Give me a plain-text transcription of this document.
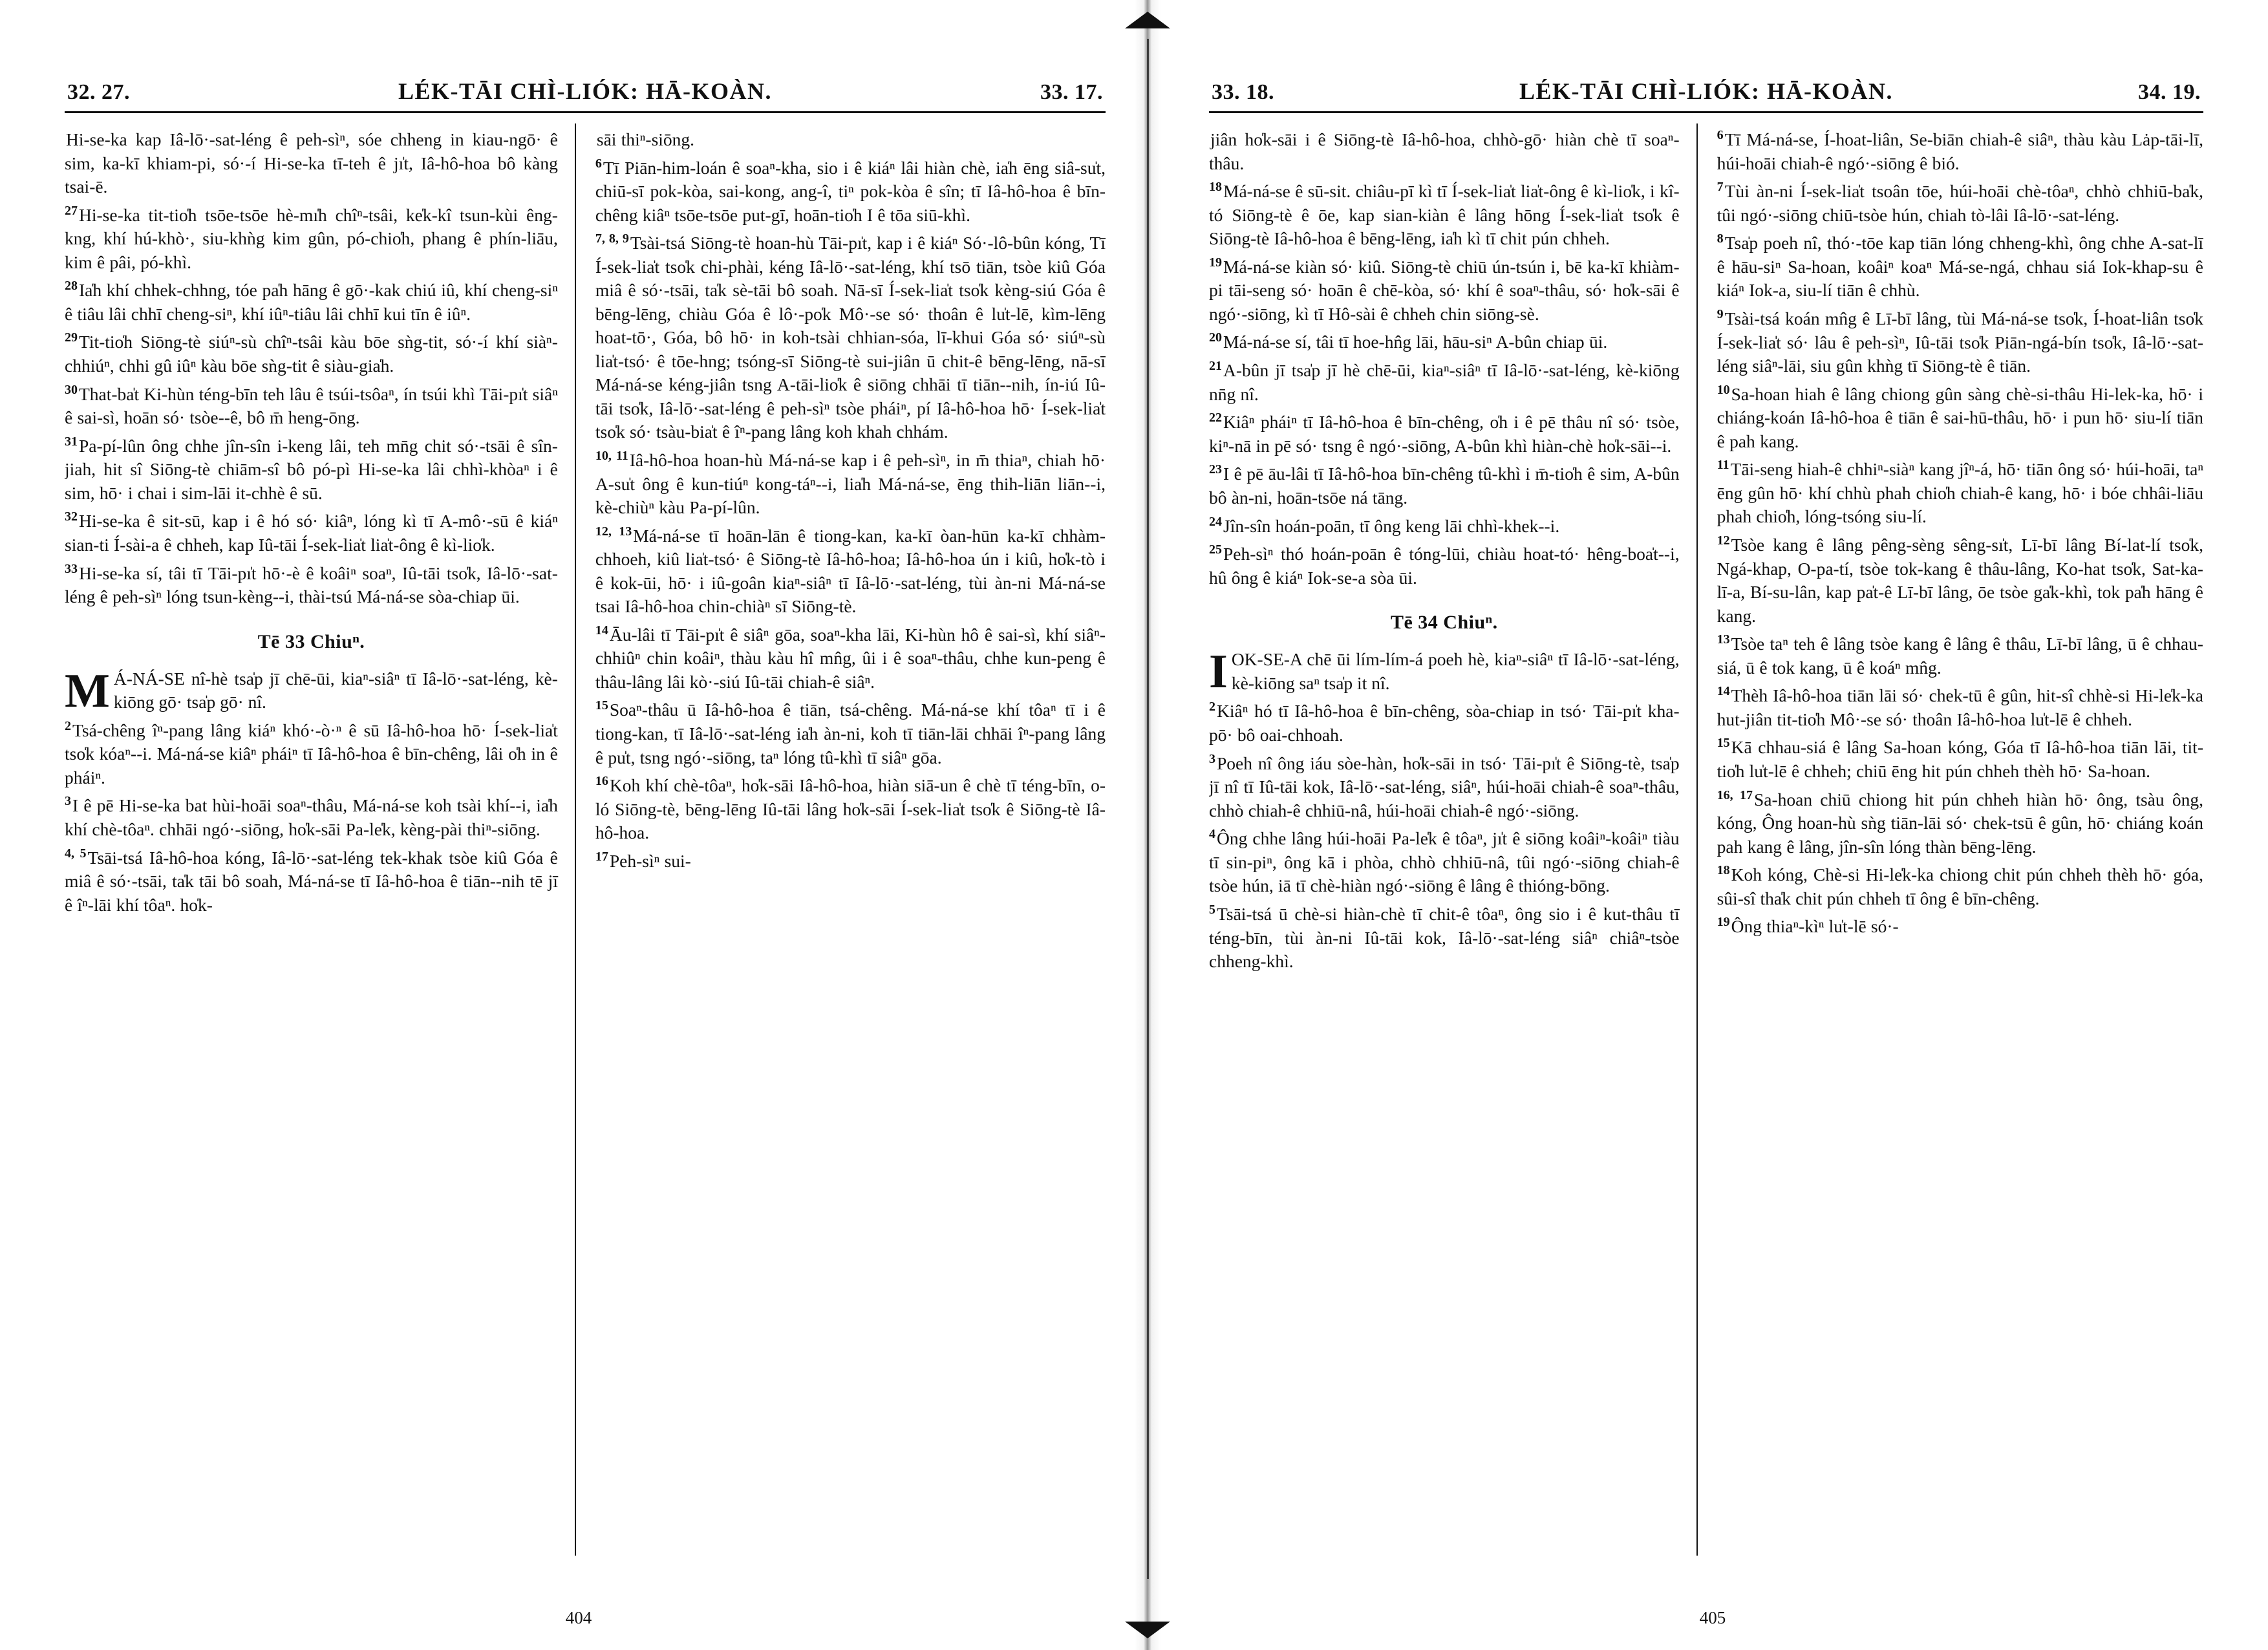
32. 27.	LÉK-TĀI CHÌ-LIÓK: HĀ-KOÀN.	33. 17.

Hi-se-ka kap Iâ-lō·-sat-léng ê peh-sìⁿ, sóe chheng in kiau-ngō· ê sim, ka-kī khiam-pi, só·-í Hi-se-ka tī-teh ê jı̍t, Iâ-hô-hoa bô kàng tsai-ē.

$^{27}$Hi-se-ka tit-tio̍h tsōe-tsōe hè-mı̍h chîⁿ-tsâi, ke̍k-kî tsun-kùi êng-kng, khí hú-khò·, siu-khǹg kim gûn, pó-chio̍h, phang ê phín-liāu, kim ê pâi, pó-khì.

$^{28}$Ia̍h khí chhek-chhng, tóe pa̍h hāng ê gō·-kak chiú iû, khí cheng-siⁿ ê tiâu lâi chhī cheng-siⁿ, khí iûⁿ-tiâu lâi chhī kui tīn ê iûⁿ.

$^{29}$Tit-tio̍h Siōng-tè siúⁿ-sù chîⁿ-tsâi kàu bōe sǹg-tit, só·-í khí siàⁿ-chhiúⁿ, chhi gû iûⁿ kàu bōe sǹg-tit ê siàu-gia̍h.

$^{30}$That-ba̍t Ki-hùn téng-bīn teh lâu ê tsúi-tsôaⁿ, ín tsúi khì Tāi-pı̍t siâⁿ ê sai-sì, hoān só· tsòe--ê, bô m̄ heng-ōng.

$^{31}$Pa-pí-lûn ông chhe jîn-sîn i-keng lâi, teh mn̄g chit só·-tsāi ê sîn-jiah, hit sî Siōng-tè chiām-sî bô pó-pì Hi-se-ka lâi chhì-khòaⁿ i ê sim, hō· i chai i sim-lāi it-chhè ê sū.

$^{32}$Hi-se-ka ê sit-sū, kap i ê hó só· kiâⁿ, lóng kì tī A-mô·-sū ê kiáⁿ sian-ti Í-sài-a ê chheh, kap Iû-tāi Í-sek-lia̍t lia̍t-ông ê kì-lio̍k.

$^{33}$Hi-se-ka sí, tâi tī Tāi-pı̍t hō·-è ê koâiⁿ soaⁿ, Iû-tāi tso̍k, Iâ-lō·-sat-léng ê peh-sìⁿ lóng tsun-kèng--i, thài-tsú Má-ná-se sòa-chiap ūi.

Tē 33 Chiuⁿ.

M Á-NÁ-SE nî-hè tsa̍p jī chē-ūi, kiaⁿ-siâⁿ tī Iâ-lō·-sat-léng, kè-kiōng gō· tsa̍p gō· nî.

$^2$Tsá-chêng îⁿ-pang lâng kiáⁿ khó·-ò·ⁿ ê sū Iâ-hô-hoa hō· Í-sek-lia̍t tso̍k kóaⁿ--i. Má-ná-se kiâⁿ pháiⁿ tī Iâ-hô-hoa ê bīn-chêng, lâi o̍h in ê pháiⁿ.

$^3$I ê pē Hi-se-ka bat hùi-hoāi soaⁿ-thâu, Má-ná-se koh tsài khí--i, ia̍h khí chè-tôaⁿ. chhāi ngó·-siōng, ho̍k-sāi Pa-le̍k, kèng-pài thiⁿ-siōng.

$^{4, 5}$Tsāi-tsá Iâ-hô-hoa kóng, Iâ-lō·-sat-léng tek-khak tsòe kiû Góa ê miâ ê só·-tsāi, ta̍k tāi bô soah, Má-ná-se tī Iâ-hô-hoa ê tiān--nih tē jī ê îⁿ-lāi khí tôaⁿ. ho̍k-

sāi thiⁿ-siōng.

$^6$Tī Piān-him-loán ê soaⁿ-kha, sio i ê kiáⁿ lâi hiàn chè, ia̍h ēng siâ-su̍t, chiū-sī pok-kòa, sai-kong, ang-î, tiⁿ pok-kòa ê sîn; tī Iâ-hô-hoa ê bīn-chêng kiâⁿ tsōe-tsōe put-gī, hoān-tio̍h I ê tōa siū-khì.

$^{7, 8, 9}$Tsài-tsá Siōng-tè hoan-hù Tāi-pı̍t, kap i ê kiáⁿ Só·-lô-bûn kóng, Tī Í-sek-lia̍t tso̍k chi-phài, kéng Iâ-lō·-sat-léng, khí tsō tiān, tsòe kiû Góa miâ ê só·-tsāi, ta̍k sè-tāi bô soah. Nā-sī Í-sek-lia̍t tso̍k kèng-siú Góa ê bēng-lēng, chiàu Góa ê lô·-po̍k Mô·-se só· thoân ê lu̍t-lē, kìm-lēng hoat-tō·, Góa, bô hō· in koh-tsài chhian-sóa, lī-khui Góa só· siúⁿ-sù lia̍t-tsó· ê tōe-hng; tsóng-sī Siōng-tè sui-jiân ū chit-ê bēng-lēng, nā-sī Má-ná-se kéng-jiân tsng A-tāi-lio̍k ê siōng chhāi tī tiān--nih, ín-iú Iû-tāi tso̍k, Iâ-lō·-sat-léng ê peh-sìⁿ tsòe pháiⁿ, pí Iâ-hô-hoa hō· Í-sek-lia̍t tso̍k só· tsàu-bia̍t ê îⁿ-pang lâng koh khah chhám.

$^{10, 11}$Iâ-hô-hoa hoan-hù Má-ná-se kap i ê peh-sìⁿ, in m̄ thiaⁿ, chiah hō· A-su̍t ông ê kun-tiúⁿ kong-táⁿ--i, lia̍h Má-ná-se, ēng thih-liān liān--i, kè-chiùⁿ kàu Pa-pí-lûn.

$^{12, 13}$Má-ná-se tī hoān-lān ê tiong-kan, ka-kī òan-hūn ka-kī chhàm-chhoeh, kiû lia̍t-tsó· ê Siōng-tè Iâ-hô-hoa; Iâ-hô-hoa ún i kiû, ho̍k-tò i ê kok-ūi, hō· i iû-goân kiaⁿ-siâⁿ tī Iâ-lō·-sat-léng, tùi àn-ni Má-ná-se tsai Iâ-hô-hoa chin-chiàⁿ sī Siōng-tè.

$^{14}$Āu-lâi tī Tāi-pı̍t ê siâⁿ gōa, soaⁿ-kha lāi, Ki-hùn hô ê sai-sì, khí siâⁿ-chhiûⁿ chin koâiⁿ, thàu kàu hî mn̂g, ûi i ê soaⁿ-thâu, chhe kun-peng ê thâu-lâng lâi kò·-siú Iû-tāi chiah-ê siâⁿ.

$^{15}$Soaⁿ-thâu ū Iâ-hô-hoa ê tiān, tsá-chêng. Má-ná-se khí tôaⁿ tī i ê tiong-kan, tī Iâ-lō·-sat-léng ia̍h àn-ni, koh tī tiān-lāi chhāi îⁿ-pang lâng ê pu̍t, tsng ngó·-siōng, taⁿ lóng tû-khì tī siâⁿ gōa.

$^{16}$Koh khí chè-tôaⁿ, ho̍k-sāi Iâ-hô-hoa, hiàn siā-un ê chè tī téng-bīn, o-ló Siōng-tè, bēng-lēng Iû-tāi lâng ho̍k-sāi Í-sek-lia̍t tso̍k ê Siōng-tè Iâ-hô-hoa.

$^{17}$Peh-sìⁿ sui-

404
33. 18.	LÉK-TĀI CHÌ-LIÓK: HĀ-KOÀN.	34. 19.

jiân ho̍k-sāi i ê Siōng-tè Iâ-hô-hoa, chhò-gō· hiàn chè tī soaⁿ-thâu.

$^{18}$Má-ná-se ê sū-sit. chiâu-pī kì tī Í-sek-lia̍t lia̍t-ông ê kì-lio̍k, i kî-tó Siōng-tè ê ōe, kap sian-kiàn ê lâng hōng Í-sek-lia̍t tso̍k ê Siōng-tè Iâ-hô-hoa ê bēng-lēng, ia̍h kì tī chit pún chheh.

$^{19}$Má-ná-se kiàn só· kiû. Siōng-tè chiū ún-tsún i, bē ka-kī khiàm-pi tāi-seng só· hoān ê chē-kòa, só· khí ê soaⁿ-thâu, só· ho̍k-sāi ê ngó·-siōng, kì tī Hô-sài ê chheh chin siōng-sè.

$^{20}$Má-ná-se sí, tâi tī hoe-hn̂g lāi, hāu-siⁿ A-bûn chiap ūi.

$^{21}$A-bûn jī tsa̍p jī hè chē-ūi, kiaⁿ-siâⁿ tī Iâ-lō·-sat-léng, kè-kiōng nn̄g nî.

$^{22}$Kiâⁿ pháiⁿ tī Iâ-hô-hoa ê bīn-chêng, o̍h i ê pē thâu nî só· tsòe, kiⁿ-nā in pē só· tsng ê ngó·-siōng, A-bûn khì hiàn-chè ho̍k-sāi--i.

$^{23}$I ê pē āu-lâi tī Iâ-hô-hoa bīn-chêng tû-khì i m̄-tio̍h ê sim, A-bûn bô àn-ni, hoān-tsōe ná tāng.

$^{24}$Jîn-sîn hoán-poān, tī ông keng lāi chhì-khek--i.

$^{25}$Peh-sìⁿ thó hoán-poān ê tóng-lūi, chiàu hoat-tó· hêng-boa̍t--i, hû ông ê kiáⁿ Iok-se-a sòa ūi.

Tē 34 Chiuⁿ.

IOK-SE-A chē ūi lím-lím-á poeh hè, kiaⁿ-siâⁿ tī Iâ-lō·-sat-léng, kè-kiōng saⁿ tsa̍p it nî.

$^2$Kiâⁿ hó tī Iâ-hô-hoa ê bīn-chêng, sòa-chiap in tsó· Tāi-pı̍t kha-pō· bô oai-chhoah.

$^3$Poeh nî ông iáu sòe-hàn, ho̍k-sāi in tsó· Tāi-pı̍t ê Siōng-tè, tsa̍p jī nî tī Iû-tāi kok, Iâ-lō·-sat-léng, siâⁿ, húi-hoāi chiah-ê soaⁿ-thâu, chhò chiah-ê chhiū-nâ, húi-hoāi chiah-ê ngó·-siōng.

$^4$Ông chhe lâng húi-hoāi Pa-le̍k ê tôaⁿ, jı̍t ê siōng koâiⁿ-koâiⁿ tiàu tī sin-piⁿ, ông kā i phòa, chhò chhiū-nâ, tûi ngó·-siōng chiah-ê tsòe hún, iā tī chè-hiàn ngó·-siōng ê lâng ê thióng-bōng.

$^5$Tsāi-tsá ū chè-si hiàn-chè tī chit-ê tôaⁿ, ông sio i ê kut-thâu tī téng-bīn, tùi àn-ni Iû-tāi kok, Iâ-lō·-sat-léng siâⁿ chiâⁿ-tsòe chheng-khì.

$^6$Tī Má-ná-se, Í-hoat-liân, Se-biān chiah-ê siâⁿ, thàu kàu Lȧp-tāi-lī, húi-hoāi chiah-ê ngó·-siōng ê bió.

$^7$Tùi àn-ni Í-sek-lia̍t tsoân tōe, húi-hoāi chè-tôaⁿ, chhò chhiū-ba̍k, tûi ngó·-siōng chiū-tsòe hún, chiah tò-lâi Iâ-lō·-sat-léng.

$^8$Tsa̍p poeh nî, thó·-tōe kap tiān lóng chheng-khì, ông chhe A-sat-lī ê hāu-siⁿ Sa-hoan, koâiⁿ koaⁿ Má-se-ngá, chhau siá Iok-khap-su ê kiáⁿ Iok-a, siu-lí tiān ê chhù.

$^9$Tsài-tsá koán mn̂g ê Lī-bī lâng, tùi Má-ná-se tso̍k, Í-hoat-liân tso̍k Í-sek-lia̍t só· lâu ê peh-sìⁿ, Iû-tāi tso̍k Piān-ngá-bín tso̍k, Iâ-lō·-sat-léng siâⁿ-lāi, siu gûn khǹg tī Siōng-tè ê tiān.

$^{10}$Sa-hoan hiah ê lâng chiong gûn sàng chè-si-thâu Hi-lek-ka, hō· i chiáng-koán Iâ-hô-hoa ê tiān ê sai-hū-thâu, hō· i pun hō· siu-lí tiān ê pah kang.

$^{11}$Tāi-seng hiah-ê chhiⁿ-siàⁿ kang jîⁿ-á, hō· tiān ông só· húi-hoāi, taⁿ ēng gûn hō· khí chhù phah chio̍h chiah-ê kang, hō· i bóe chhâi-liāu phah chio̍h, lóng-tsóng siu-lí.

$^{12}$Tsòe kang ê lâng pêng-sèng sêng-sı̍t, Lī-bī lâng Bí-lat-lí tso̍k, Ngá-khap, O-pa-tí, tsòe tok-kang ê thâu-lâng, Ko-hat tso̍k, Sat-ka-lī-a, Bí-su-lân, kap pa̍t-ê Lī-bī lâng, ōe tsòe ga̍k-khì, tok pa̍h hāng ê kang.

$^{13}$Tsòe taⁿ teh ê lâng tsòe kang ê lâng ê thâu, Lī-bī lâng, ū ê chhau-siá, ū ê tok kang, ū ê koáⁿ mn̂g.

$^{14}$Thèh Iâ-hô-hoa tiān lāi só· chek-tū ê gûn, hit-sî chhè-si Hi-le̍k-ka hut-jiân tit-tio̍h Mô·-se só· thoân Iâ-hô-hoa lu̍t-lē ê chheh.

$^{15}$Kā chhau-siá ê lâng Sa-hoan kóng, Góa tī Iâ-hô-hoa tiān lāi, tit-tio̍h lu̍t-lē ê chheh; chiū ēng hit pún chheh thèh hō· Sa-hoan.

$^{16, 17}$Sa-hoan chiū chiong hit pún chheh hiàn hō· ông, tsàu ông, kóng, Ông hoan-hù sǹg tiān-lāi só· chek-tsū ê gûn, hō· chiáng koán pah kang ê lâng, jîn-sîn lóng thàn bēng-lēng.

$^{18}$Koh kóng, Chè-si Hi-le̍k-ka chiong chit pún chheh thèh hō· góa, sûi-sî tha̍k chit pún chheh tī ông ê bīn-chêng.

$^{19}$Ông thiaⁿ-kìⁿ lu̍t-lē só·-

405
